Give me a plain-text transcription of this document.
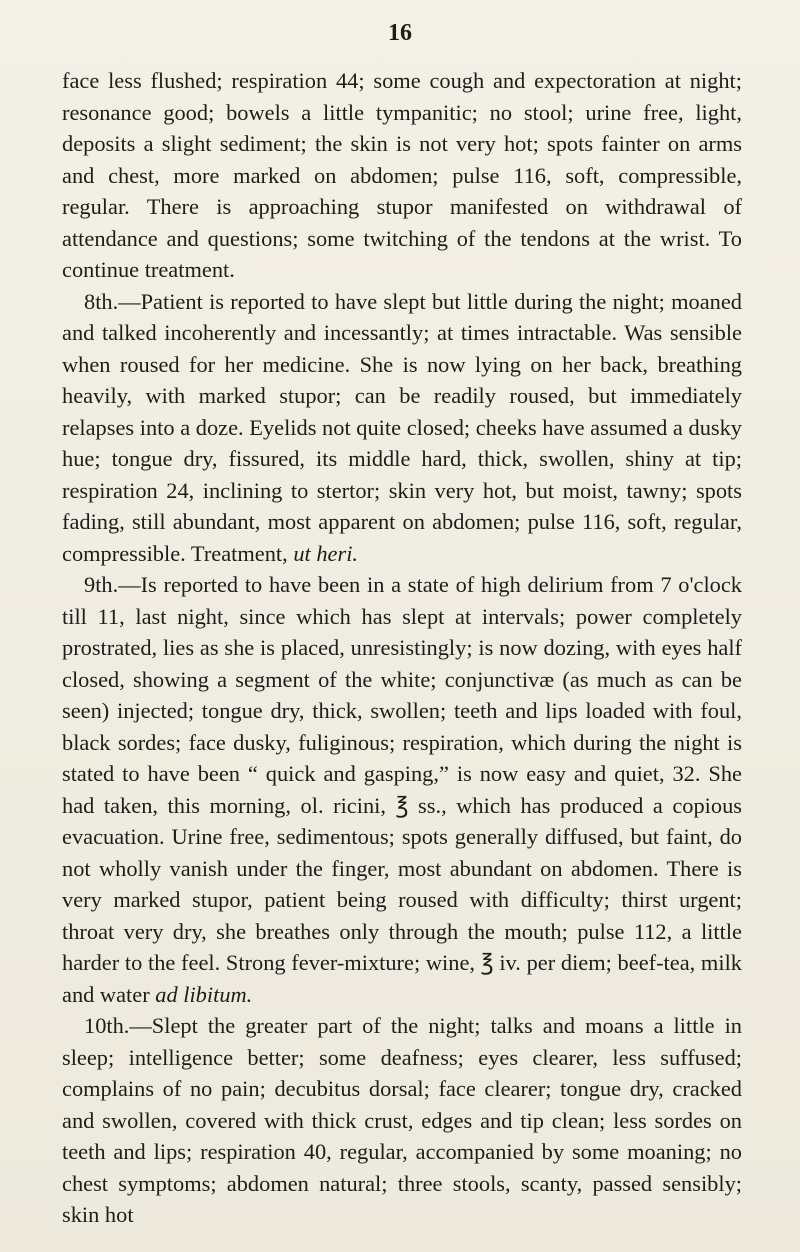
16

face less flushed; respiration 44; some cough and expectoration at night; resonance good; bowels a little tympanitic; no stool; urine free, light, deposits a slight sediment; the skin is not very hot; spots fainter on arms and chest, more marked on abdomen; pulse 116, soft, compressible, regular. There is approaching stupor manifested on withdrawal of attendance and questions; some twitching of the tendons at the wrist. To continue treatment.

8th.—Patient is reported to have slept but little during the night; moaned and talked incoherently and incessantly; at times intractable. Was sensible when roused for her medicine. She is now lying on her back, breathing heavily, with marked stupor; can be readily roused, but immediately relapses into a doze. Eyelids not quite closed; cheeks have assumed a dusky hue; tongue dry, fissured, its middle hard, thick, swollen, shiny at tip; respiration 24, inclining to stertor; skin very hot, but moist, tawny; spots fading, still abundant, most apparent on abdomen; pulse 116, soft, regular, compressible. Treatment, ut heri.

9th.—Is reported to have been in a state of high delirium from 7 o'clock till 11, last night, since which has slept at intervals; power completely prostrated, lies as she is placed, unresistingly; is now dozing, with eyes half closed, showing a segment of the white; conjunctivæ (as much as can be seen) injected; tongue dry, thick, swollen; teeth and lips loaded with foul, black sordes; face dusky, fuliginous; respiration, which during the night is stated to have been “ quick and gasping,” is now easy and quiet, 32. She had taken, this morning, ol. ricini, ℥ ss., which has produced a copious evacuation. Urine free, sedimentous; spots generally diffused, but faint, do not wholly vanish under the finger, most abundant on abdomen. There is very marked stupor, patient being roused with difficulty; thirst urgent; throat very dry, she breathes only through the mouth; pulse 112, a little harder to the feel. Strong fever-mixture; wine, ℥ iv. per diem; beef-tea, milk and water ad libitum.

10th.—Slept the greater part of the night; talks and moans a little in sleep; intelligence better; some deafness; eyes clearer, less suffused; complains of no pain; decubitus dorsal; face clearer; tongue dry, cracked and swollen, covered with thick crust, edges and tip clean; less sordes on teeth and lips; respiration 40, regular, accompanied by some moaning; no chest symptoms; abdomen natural; three stools, scanty, passed sensibly; skin hot
